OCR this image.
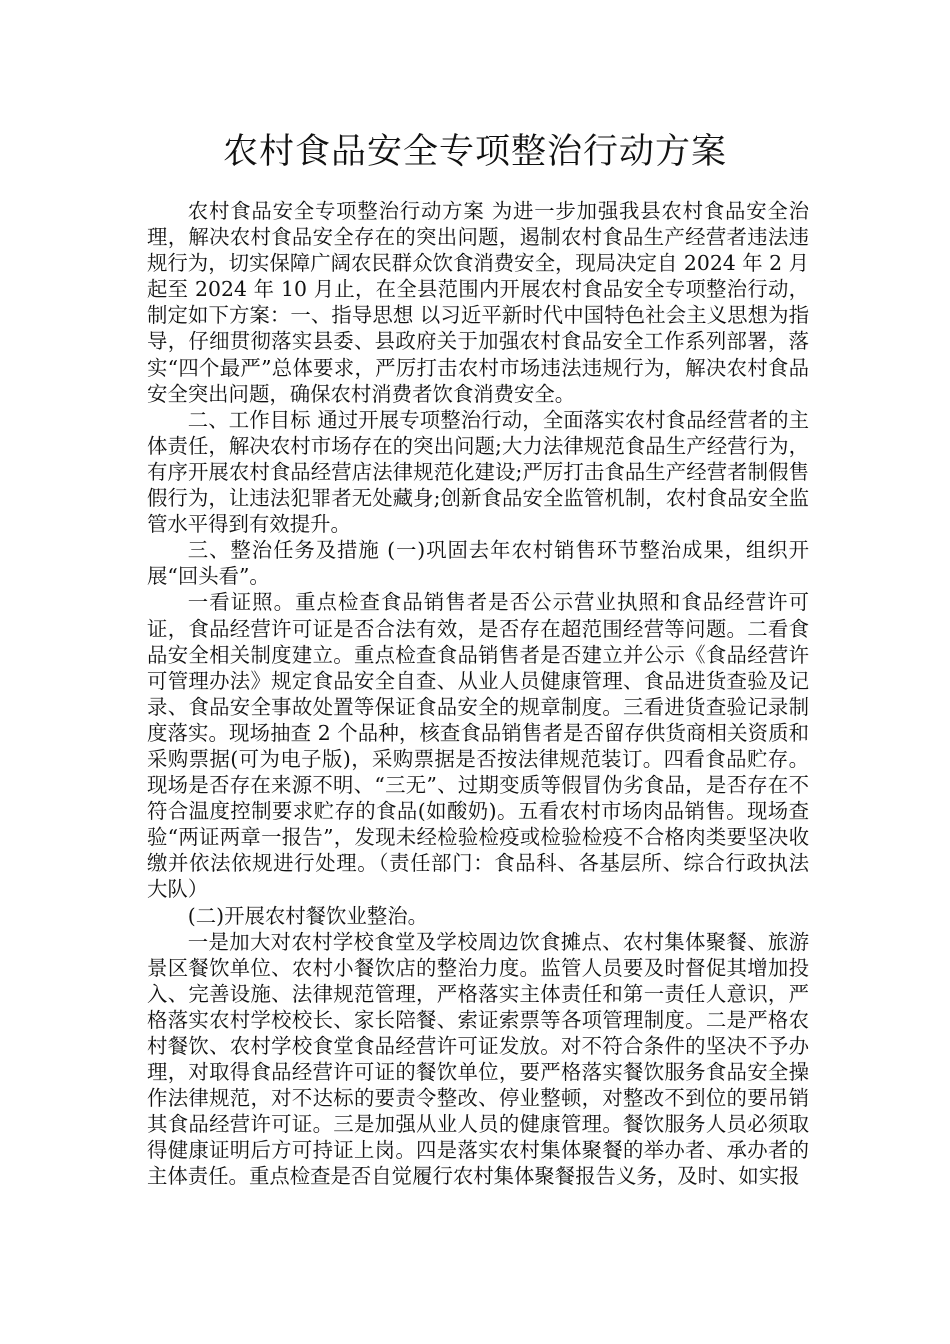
农村食品安全专项整治行动方案

农村食品安全专项整治行动方案 为进一步加强我县农村食品安全治理，解决农村食品安全存在的突出问题，遏制农村食品生产经营者违法违规行为，切实保障广阔农民群众饮食消费安全，现局决定自 2024 年 2 月起至 2024 年 10 月止，在全县范围内开展农村食品安全专项整治行动，制定如下方案：一、指导思想 以习近平新时代中国特色社会主义思想为指导，仔细贯彻落实县委、县政府关于加强农村食品安全工作系列部署，落实“四个最严”总体要求，严厉打击农村市场违法违规行为，解决农村食品安全突出问题，确保农村消费者饮食消费安全。

二、工作目标 通过开展专项整治行动，全面落实农村食品经营者的主体责任，解决农村市场存在的突出问题;大力法律规范食品生产经营行为，有序开展农村食品经营店法律规范化建设;严厉打击食品生产经营者制假售假行为，让违法犯罪者无处藏身;创新食品安全监管机制，农村食品安全监管水平得到有效提升。

三、整治任务及措施 (一)巩固去年农村销售环节整治成果，组织开展“回头看”。

一看证照。重点检查食品销售者是否公示营业执照和食品经营许可证，食品经营许可证是否合法有效，是否存在超范围经营等问题。二看食品安全相关制度建立。重点检查食品销售者是否建立并公示《食品经营许可管理办法》规定食品安全自查、从业人员健康管理、食品进货查验及记录、食品安全事故处置等保证食品安全的规章制度。三看进货查验记录制度落实。现场抽查 2 个品种，核查食品销售者是否留存供货商相关资质和采购票据(可为电子版)，采购票据是否按法律规范装订。四看食品贮存。现场是否存在来源不明、“三无”、过期变质等假冒伪劣食品，是否存在不符合温度控制要求贮存的食品(如酸奶)。五看农村市场肉品销售。现场查验“两证两章一报告”，发现未经检验检疫或检验检疫不合格肉类要坚决收缴并依法依规进行处理。（责任部门：食品科、各基层所、综合行政执法大队）

(二)开展农村餐饮业整治。

一是加大对农村学校食堂及学校周边饮食摊点、农村集体聚餐、旅游景区餐饮单位、农村小餐饮店的整治力度。监管人员要及时督促其增加投入、完善设施、法律规范管理，严格落实主体责任和第一责任人意识，严格落实农村学校校长、家长陪餐、索证索票等各项管理制度。二是严格农村餐饮、农村学校食堂食品经营许可证发放。对不符合条件的坚决不予办理，对取得食品经营许可证的餐饮单位，要严格落实餐饮服务食品安全操作法律规范，对不达标的要责令整改、停业整顿，对整改不到位的要吊销其食品经营许可证。三是加强从业人员的健康管理。餐饮服务人员必须取得健康证明后方可持证上岗。四是落实农村集体聚餐的举办者、承办者的主体责任。重点检查是否自觉履行农村集体聚餐报告义务，及时、如实报
